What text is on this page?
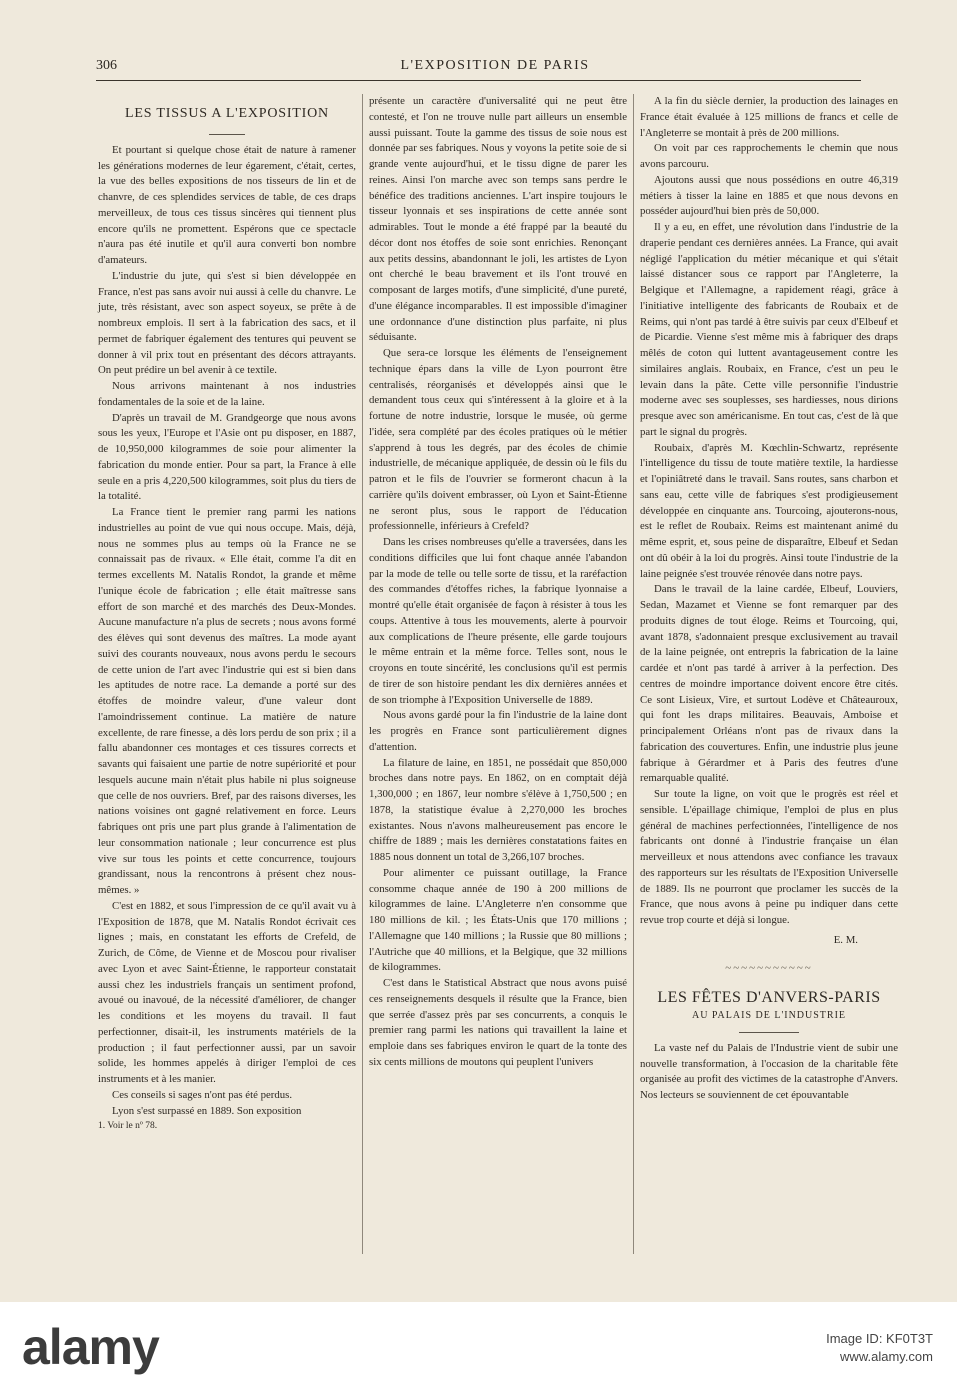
306	L'EXPOSITION DE PARIS
LES TISSUS A L'EXPOSITION

Et pourtant si quelque chose était de nature à ramener les générations modernes de leur égarement, c'était, certes, la vue des belles expositions de nos tisseurs de lin et de chanvre, de ces splendides services de table, de ces draps merveilleux, de tous ces tissus sincères qui tiennent plus encore qu'ils ne promettent. Espérons que ce spectacle n'aura pas été inutile et qu'il aura converti bon nombre d'amateurs.

L'industrie du jute, qui s'est si bien développée en France, n'est pas sans avoir nui aussi à celle du chanvre. Le jute, très résistant, avec son aspect soyeux, se prête à de nombreux emplois. Il sert à la fabrication des sacs, et il permet de fabriquer également des tentures qui peuvent se donner à vil prix tout en présentant des décors attrayants. On peut prédire un bel avenir à ce textile.

Nous arrivons maintenant à nos industries fondamentales de la soie et de la laine.

D'après un travail de M. Grandgeorge que nous avons sous les yeux, l'Europe et l'Asie ont pu disposer, en 1887, de 10,950,000 kilogrammes de soie pour alimenter la fabrication du monde entier. Pour sa part, la France à elle seule en a pris 4,220,500 kilogrammes, soit plus du tiers de la totalité.

La France tient le premier rang parmi les nations industrielles au point de vue qui nous occupe. Mais, déjà, nous ne sommes plus au temps où la France ne se connaissait pas de rivaux. « Elle était, comme l'a dit en termes excellents M. Natalis Rondot, la grande et même l'unique école de fabrication ; elle était maîtresse sans effort de son marché et des marchés des Deux-Mondes. Aucune manufacture n'a plus de secrets ; nous avons formé des élèves qui sont devenus des maîtres. La mode ayant suivi des courants nouveaux, nous avons perdu le secours de cette union de l'art avec l'industrie qui est si bien dans les aptitudes de notre race. La demande a porté sur des étoffes de moindre valeur, d'une valeur dont l'amoindrissement continue. La matière de nature excellente, de rare finesse, a dès lors perdu de son prix ; il a fallu abandonner ces montages et ces tissures corrects et savants qui faisaient une partie de notre supériorité et pour lesquels aucune main n'était plus habile ni plus soigneuse que celle de nos ouvriers. Bref, par des raisons diverses, les nations voisines ont gagné relativement en force. Leurs fabriques ont pris une part plus grande à l'alimentation de leur consommation nationale ; leur concurrence est plus vive sur tous les points et cette concurrence, toujours grandissant, nous la rencontrons à présent chez nous-mêmes. »

C'est en 1882, et sous l'impression de ce qu'il avait vu à l'Exposition de 1878, que M. Natalis Rondot écrivait ces lignes ; mais, en constatant les efforts de Crefeld, de Zurich, de Côme, de Vienne et de Moscou pour rivaliser avec Lyon et avec Saint-Étienne, le rapporteur constatait aussi chez les industriels français un sentiment profond, avoué ou inavoué, de la nécessité d'améliorer, de changer les conditions et les moyens du travail. Il faut perfectionner, disait-il, les instruments matériels de la production ; il faut perfectionner aussi, par un savoir solide, les hommes appelés à diriger l'emploi de ces instruments et à les manier.

Ces conseils si sages n'ont pas été perdus.

Lyon s'est surpassé en 1889. Son exposition

1. Voir le nº 78.

présente un caractère d'universalité qui ne peut être contesté, et l'on ne trouve nulle part ailleurs un ensemble aussi puissant. Toute la gamme des tissus de soie nous est donnée par ses fabriques. Nous y voyons la petite soie de si grande vente aujourd'hui, et le tissu digne de parer les reines. Ainsi l'on marche avec son temps sans perdre le bénéfice des traditions anciennes. L'art inspire toujours le tisseur lyonnais et ses inspirations de cette année sont admirables. Tout le monde a été frappé par la beauté du décor dont nos étoffes de soie sont enrichies. Renonçant aux petits dessins, abandonnant le joli, les artistes de Lyon ont cherché le beau bravement et ils l'ont trouvé en composant de larges motifs, d'une simplicité, d'une pureté, d'une élégance incomparables. Il est impossible d'imaginer une ordonnance d'une distinction plus parfaite, ni plus séduisante.

Que sera-ce lorsque les éléments de l'enseignement technique épars dans la ville de Lyon pourront être centralisés, réorganisés et développés ainsi que le demandent tous ceux qui s'intéressent à la gloire et à la fortune de notre industrie, lorsque le musée, où germe l'idée, sera complété par des écoles pratiques où le métier s'apprend à tous les degrés, par des écoles de chimie industrielle, de mécanique appliquée, de dessin où le fils du patron et le fils de l'ouvrier se formeront chacun à la carrière qu'ils doivent embrasser, où Lyon et Saint-Étienne ne seront plus, sous le rapport de l'éducation professionnelle, inférieurs à Crefeld?

Dans les crises nombreuses qu'elle a traversées, dans les conditions difficiles que lui font chaque année l'abandon par la mode de telle ou telle sorte de tissu, et la raréfaction des commandes d'étoffes riches, la fabrique lyonnaise a montré qu'elle était organisée de façon à résister à tous les coups. Attentive à tous les mouvements, alerte à pourvoir aux complications de l'heure présente, elle garde toujours le même entrain et la même force. Telles sont, nous le croyons en toute sincérité, les conclusions qu'il est permis de tirer de son histoire pendant les dix dernières années et de son triomphe à l'Exposition Universelle de 1889.

Nous avons gardé pour la fin l'industrie de la laine dont les progrès en France sont particulièrement dignes d'attention.

La filature de laine, en 1851, ne possédait que 850,000 broches dans notre pays. En 1862, on en comptait déjà 1,300,000 ; en 1867, leur nombre s'élève à 1,750,500 ; en 1878, la statistique évalue à 2,270,000 les broches existantes. Nous n'avons malheureusement pas encore le chiffre de 1889 ; mais les dernières constatations faites en 1885 nous donnent un total de 3,266,107 broches.

Pour alimenter ce puissant outillage, la France consomme chaque année de 190 à 200 millions de kilogrammes de laine. L'Angleterre n'en consomme que 180 millions de kil. ; les États-Unis que 170 millions ; l'Allemagne que 140 millions ; la Russie que 80 millions ; l'Autriche que 40 millions, et la Belgique, que 32 millions de kilogrammes.

C'est dans le Statistical Abstract que nous avons puisé ces renseignements desquels il résulte que la France, bien que serrée d'assez près par ses concurrents, a conquis le premier rang parmi les nations qui travaillent la laine et emploie dans ses fabriques environ le quart de la tonte des six cents millions de moutons qui peuplent l'univers

A la fin du siècle dernier, la production des lainages en France était évaluée à 125 millions de francs et celle de l'Angleterre se montait à près de 200 millions.

On voit par ces rapprochements le chemin que nous avons parcouru.

Ajoutons aussi que nous possédions en outre 46,319 métiers à tisser la laine en 1885 et que nous devons en posséder aujourd'hui bien près de 50,000.

Il y a eu, en effet, une révolution dans l'industrie de la draperie pendant ces dernières années. La France, qui avait négligé l'application du métier mécanique et qui s'était laissé distancer sous ce rapport par l'Angleterre, la Belgique et l'Allemagne, a rapidement réagi, grâce à l'initiative intelligente des fabricants de Roubaix et de Reims, qui n'ont pas tardé à être suivis par ceux d'Elbeuf et de Picardie. Vienne s'est même mis à fabriquer des draps mêlés de coton qui luttent avantageusement contre les similaires anglais. Roubaix, en France, c'est un peu le levain dans la pâte. Cette ville personnifie l'industrie moderne avec ses souplesses, ses hardiesses, nous dirions presque avec son américanisme. En tout cas, c'est de là que part le signal du progrès.

Roubaix, d'après M. Kœchlin-Schwartz, représente l'intelligence du tissu de toute matière textile, la hardiesse et l'opiniâtreté dans le travail. Sans routes, sans charbon et sans eau, cette ville de fabriques s'est prodigieusement développée en cinquante ans. Tourcoing, ajouterons-nous, est le reflet de Roubaix. Reims est maintenant animé du même esprit, et, sous peine de disparaître, Elbeuf et Sedan ont dû obéir à la loi du progrès. Ainsi toute l'industrie de la laine peignée s'est trouvée rénovée dans notre pays.

Dans le travail de la laine cardée, Elbeuf, Louviers, Sedan, Mazamet et Vienne se font remarquer par des produits dignes de tout éloge. Reims et Tourcoing, qui, avant 1878, s'adonnaient presque exclusivement au travail de la laine peignée, ont entrepris la fabrication de la laine cardée et n'ont pas tardé à arriver à la perfection. Des centres de moindre importance doivent encore être cités. Ce sont Lisieux, Vire, et surtout Lodève et Châteauroux, qui font les draps militaires. Beauvais, Amboise et principalement Orléans n'ont pas de rivaux dans la fabrication des couvertures. Enfin, une industrie plus jeune fabrique à Gérardmer et à Paris des feutres d'une remarquable qualité.

Sur toute la ligne, on voit que le progrès est réel et sensible. L'épaillage chimique, l'emploi de plus en plus général de machines perfectionnées, l'intelligence de nos fabricants ont donné à l'industrie française un élan merveilleux et nous attendons avec confiance les travaux des rapporteurs sur les résultats de l'Exposition Universelle de 1889. Ils ne pourront que proclamer les succès de la France, que nous avons à peine pu indiquer dans cette revue trop courte et déjà si longue.

E. M.
~~~~~~~~~~~
LES FÊTES D'ANVERS-PARIS
AU PALAIS DE L'INDUSTRIE

La vaste nef du Palais de l'Industrie vient de subir une nouvelle transformation, à l'occasion de la charitable fête organisée au profit des victimes de la catastrophe d'Anvers. Nos lecteurs se souviennent de cet épouvantable

alamy	Image ID: KF0T3T
www.alamy.com
